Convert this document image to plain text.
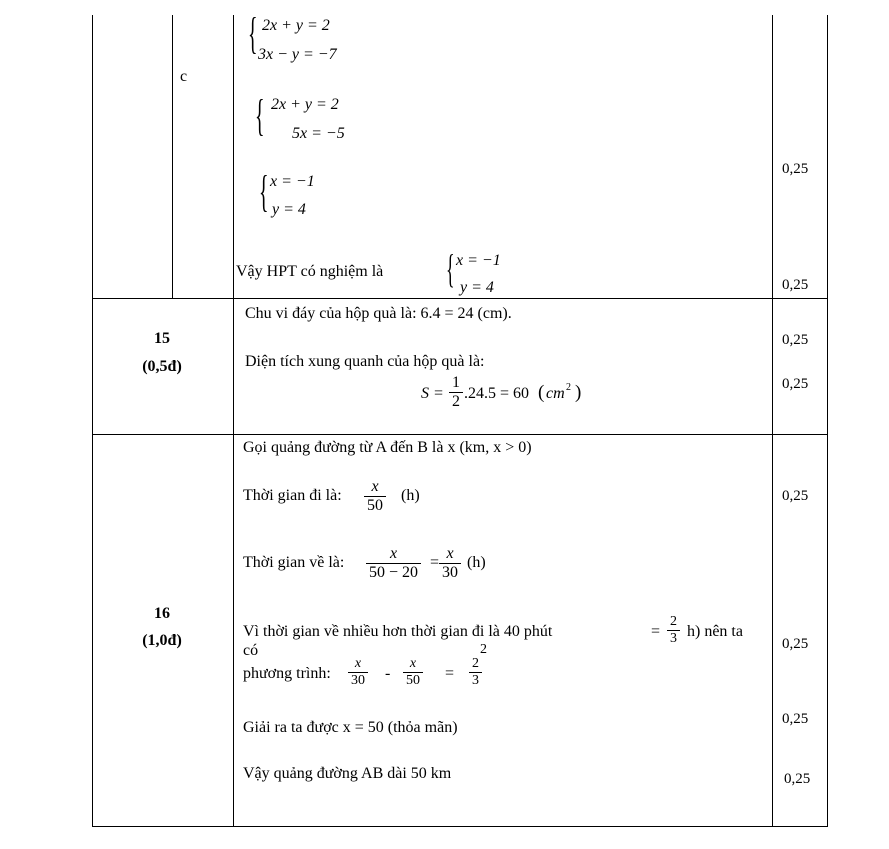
c
{ 2x + y = 2
3x − y = −7
{ 2x + y = 2
5x = −5
{ x = −1
y = 4
Vậy HPT có nghiệm là { x = −1
y = 4
0,25
0,25
15
(0,5đ)
Chu vi đáy của hộp quà là: 6.4 = 24 (cm).
Diện tích xung quanh của hộp quà là:
S =
1
2 .24.5 = 60 ( cm 2 )
0,25
0,25
16
(1,0đ)
Gọi quảng đường từ A đến B là x (km, x > 0)
Thời gian đi là:
x
50
(h)
Thời gian về là:
x
50 − 20
=
x
30
(h)
Vì thời gian về nhiều hơn thời gian đi là 40 phút	=
2
3 h) nên ta
2
có
phương trình:
x
30 -
x
50 =
2
3
Giải ra ta được x = 50 (thỏa mãn)
Vậy quảng đường AB dài 50 km
0,25
0,25
0,25
0,25
